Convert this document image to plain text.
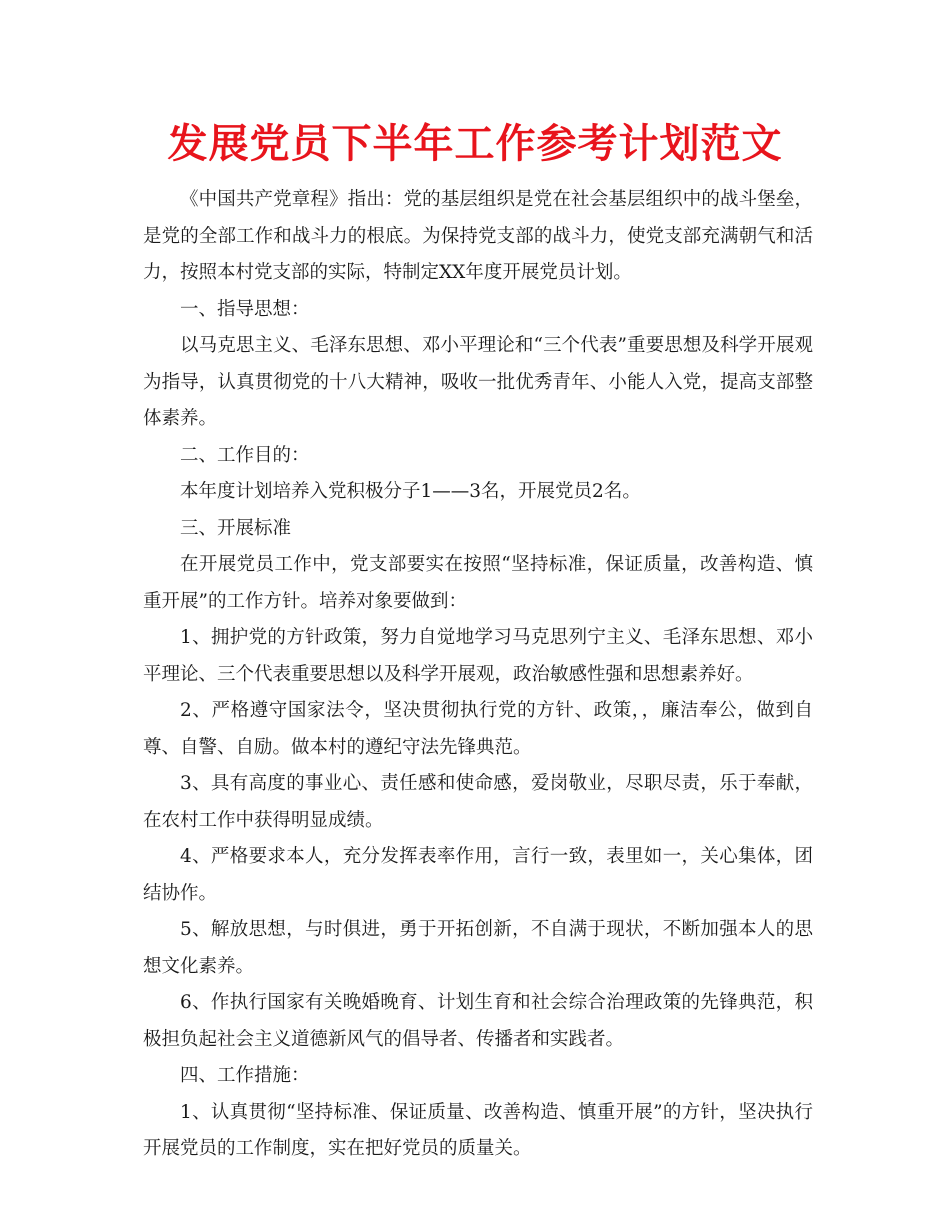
发展党员下半年工作参考计划范文

《中国共产党章程》指出：党的基层组织是党在社会基层组织中的战斗堡垒，是党的全部工作和战斗力的根底。为保持党支部的战斗力，使党支部充满朝气和活力，按照本村党支部的实际，特制定XX年度开展党员计划。

一、指导思想：

以马克思主义、毛泽东思想、邓小平理论和“三个代表”重要思想及科学开展观为指导，认真贯彻党的十八大精神，吸收一批优秀青年、小能人入党，提高支部整体素养。

二、工作目的：

本年度计划培养入党积极分子1——3名，开展党员2名。

三、开展标准

在开展党员工作中，党支部要实在按照“坚持标准，保证质量，改善构造、慎重开展”的工作方针。培养对象要做到：

1、拥护党的方针政策，努力自觉地学习马克思列宁主义、毛泽东思想、邓小平理论、三个代表重要思想以及科学开展观，政治敏感性强和思想素养好。

2、严格遵守国家法令，坚决贯彻执行党的方针、政策，，廉洁奉公，做到自尊、自警、自励。做本村的遵纪守法先锋典范。

3、具有高度的事业心、责任感和使命感，爱岗敬业，尽职尽责，乐于奉献，在农村工作中获得明显成绩。

4、严格要求本人，充分发挥表率作用，言行一致，表里如一，关心集体，团结协作。

5、解放思想，与时俱进，勇于开拓创新，不自满于现状，不断加强本人的思想文化素养。

6、作执行国家有关晚婚晚育、计划生育和社会综合治理政策的先锋典范，积极担负起社会主义道德新风气的倡导者、传播者和实践者。

四、工作措施：

1、认真贯彻“坚持标准、保证质量、改善构造、慎重开展”的方针，坚决执行开展党员的工作制度，实在把好党员的质量关。
